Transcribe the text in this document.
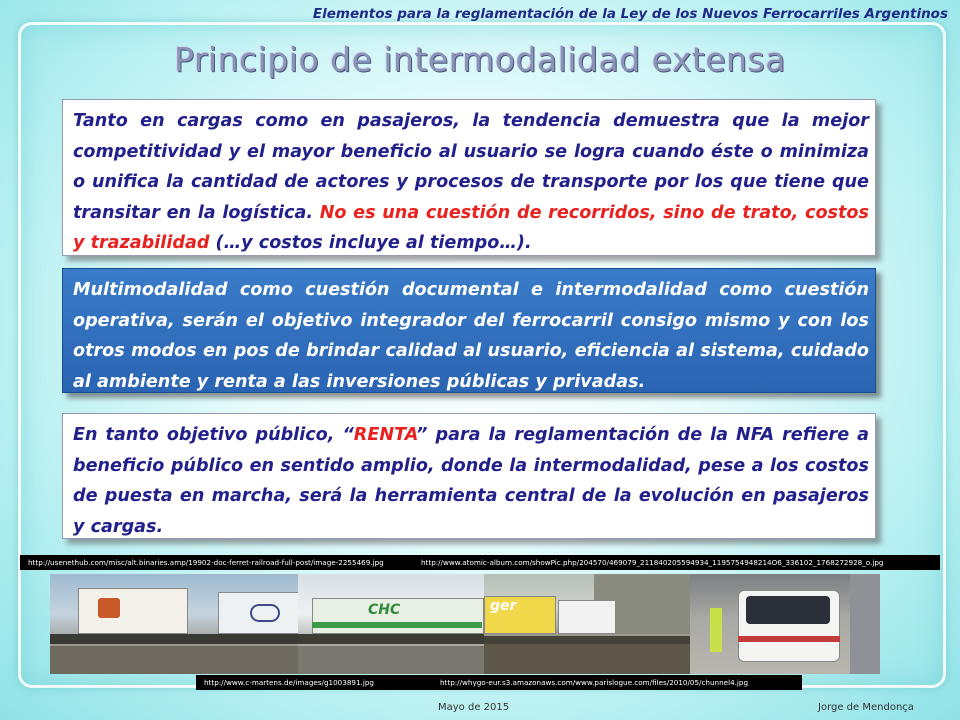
Elementos para la reglamentación de la Ley de los Nuevos Ferrocarriles Argentinos
Principio de intermodalidad extensa
Tanto en cargas como en pasajeros, la tendencia demuestra que la mejor competitividad y el mayor beneficio al usuario se logra cuando éste o minimiza o unifica la cantidad de actores y procesos de transporte por los que tiene que transitar en la logística. No es una cuestión de recorridos, sino de trato, costos y trazabilidad (…y costos incluye al tiempo…).
Multimodalidad como cuestión documental e intermodalidad como cuestión operativa, serán el objetivo integrador del ferrocarril consigo mismo y con los otros modos en pos de brindar calidad al usuario, eficiencia al sistema, cuidado al ambiente y renta a las inversiones públicas y privadas.
En tanto objetivo público, “RENTA” para la reglamentación de la NFA refiere a beneficio público en sentido amplio, donde la intermodalidad, pese a los costos de puesta en marcha, será la herramienta central de la evolución en pasajeros y cargas.
http://usenethub.com/misc/alt.binaries.amp/19902-doc-ferret-railroad-full-post/image-2255469.jpg	http://www.atomic-album.com/showPic.php/204570/469079_211840205594934_1195754948214O6_336102_1768272928_o.jpg
CHC	ger
http://www.c-martens.de/images/g1003891.jpg	http://whygo-eur.s3.amazonaws.com/www.parislogue.com/files/2010/05/chunnel4.jpg
Mayo de 2015	Jorge de Mendonça
